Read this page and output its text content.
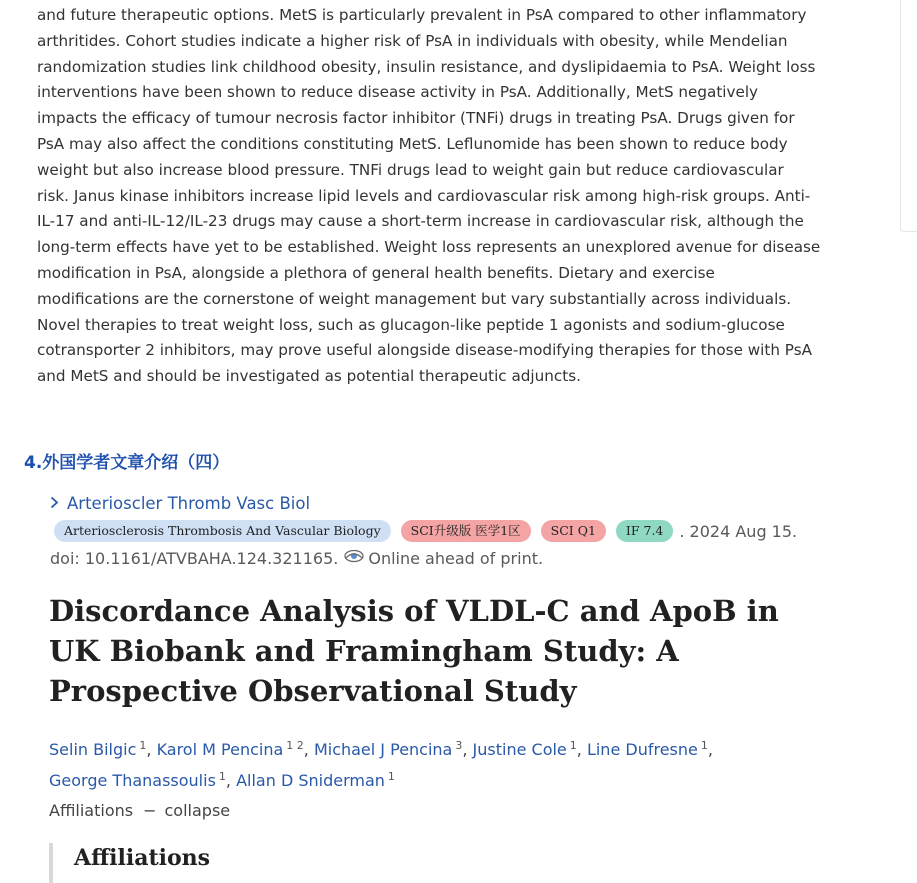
and future therapeutic options. MetS is particularly prevalent in PsA compared to other inflammatory
arthritides. Cohort studies indicate a higher risk of PsA in individuals with obesity, while Mendelian
randomization studies link childhood obesity, insulin resistance, and dyslipidaemia to PsA. Weight loss
interventions have been shown to reduce disease activity in PsA. Additionally, MetS negatively
impacts the efficacy of tumour necrosis factor inhibitor (TNFi) drugs in treating PsA. Drugs given for
PsA may also affect the conditions constituting MetS. Leflunomide has been shown to reduce body
weight but also increase blood pressure. TNFi drugs lead to weight gain but reduce cardiovascular
risk. Janus kinase inhibitors increase lipid levels and cardiovascular risk among high-risk groups. Anti-
IL-17 and anti-IL-12/IL-23 drugs may cause a short-term increase in cardiovascular risk, although the
long-term effects have yet to be established. Weight loss represents an unexplored avenue for disease
modification in PsA, alongside a plethora of general health benefits. Dietary and exercise
modifications are the cornerstone of weight management but vary substantially across individuals.
Novel therapies to treat weight loss, such as glucagon-like peptide 1 agonists and sodium-glucose
cotransporter 2 inhibitors, may prove useful alongside disease-modifying therapies for those with PsA
and MetS and should be investigated as potential therapeutic adjuncts.
4.外国学者文章介绍（四）
Arterioscler Thromb Vasc Biol
Arteriosclerosis Thrombosis And Vascular Biology	SCI升级版 医学1区	SCI Q1	IF 7.4	. 2024 Aug 15.
doi: 10.1161/ATVBAHA.124.321165. Online ahead of print.
Discordance Analysis of VLDL-C and ApoB in UK Biobank and Framingham Study: A Prospective Observational Study
Selin Bilgic $^1$, Karol M Pencina $^{1 2}$, Michael J Pencina $^3$, Justine Cole $^1$, Line Dufresne $^1$,
George Thanassoulis $^1$, Allan D Sniderman $^1$
Affiliations − collapse
Affiliations
